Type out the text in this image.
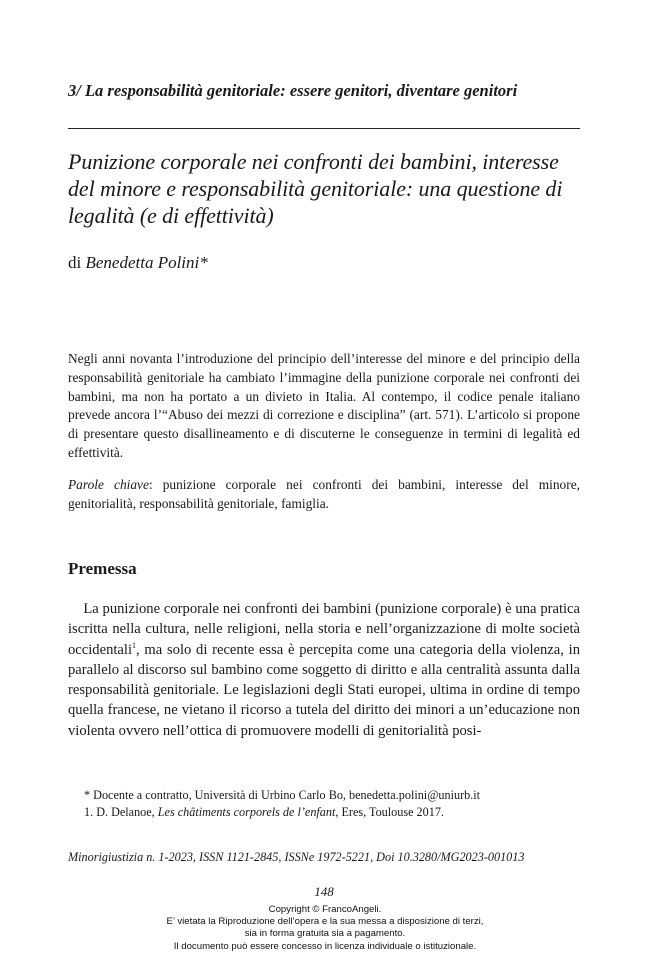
3/ La responsabilità genitoriale: essere genitori, diventare genitori
Punizione corporale nei confronti dei bambini, interesse del minore e responsabilità genitoriale: una questione di legalità (e di effettività)
di Benedetta Polini*
Negli anni novanta l’introduzione del principio dell’interesse del minore e del principio della responsabilità genitoriale ha cambiato l’immagine della punizione corporale nei confronti dei bambini, ma non ha portato a un divieto in Italia. Al contempo, il codice penale italiano prevede ancora l’“Abuso dei mezzi di correzione e disciplina” (art. 571). L’articolo si propone di presentare questo disallineamento e di discuterne le conseguenze in termini di legalità ed effettività.
Parole chiave: punizione corporale nei confronti dei bambini, interesse del minore, genitorialità, responsabilità genitoriale, famiglia.
Premessa
La punizione corporale nei confronti dei bambini (punizione corporale) è una pratica iscritta nella cultura, nelle religioni, nella storia e nell’organizzazione di molte società occidentali$^1$, ma solo di recente essa è percepita come una categoria della violenza, in parallelo al discorso sul bambino come soggetto di diritto e alla centralità assunta dalla responsabilità genitoriale. Le legislazioni degli Stati europei, ultima in ordine di tempo quella francese, ne vietano il ricorso a tutela del diritto dei minori a un’educazione non violenta ovvero nell’ottica di promuovere modelli di genitorialità posi-
* Docente a contratto, Università di Urbino Carlo Bo, benedetta.polini@uniurb.it
1. D. Delanoe, Les châtiments corporels de l’enfant, Eres, Toulouse 2017.
Minorigiustizia n. 1-2023, ISSN 1121-2845, ISSNe 1972-5221, Doi 10.3280/MG2023-001013
148
Copyright © FrancoAngeli.
E’ vietata la Riproduzione dell’opera e la sua messa a disposizione di terzi,
sia in forma gratuita sia a pagamento.
Il documento può essere concesso in licenza individuale o istituzionale.
